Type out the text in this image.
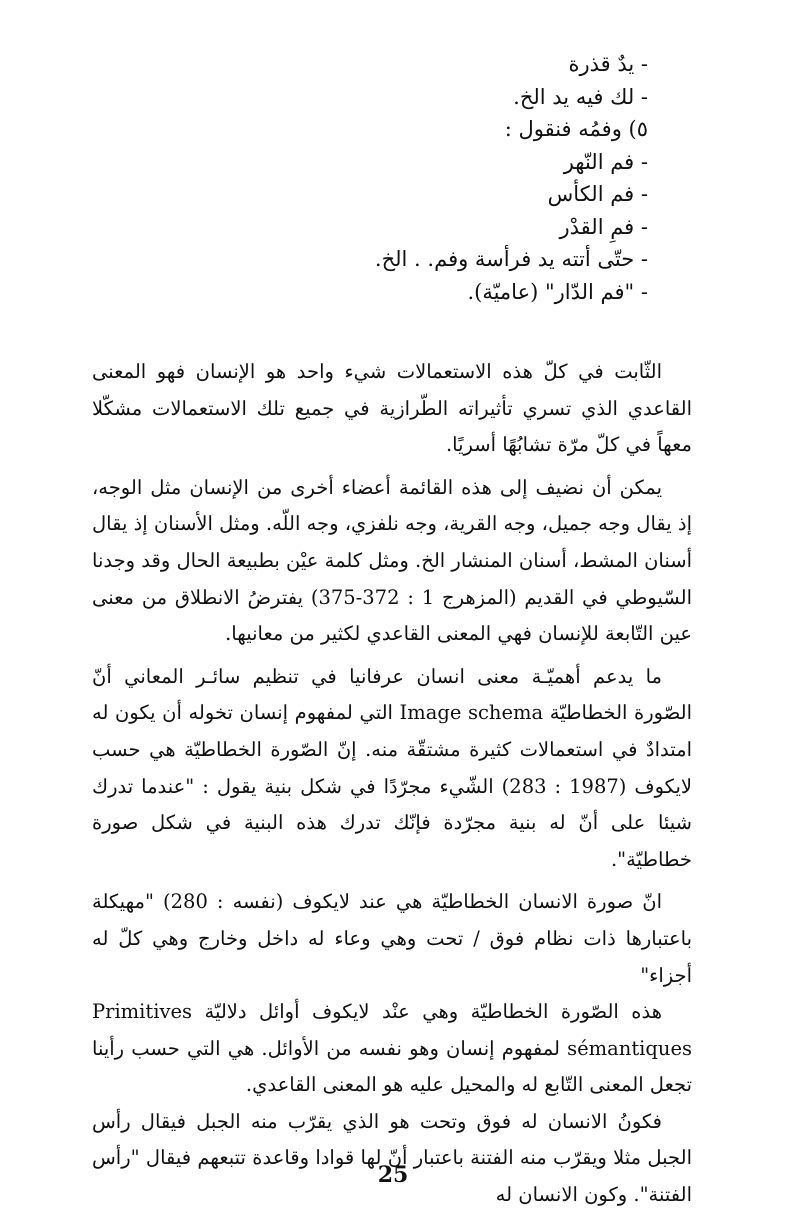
- يدٌ قذرة
- لك فيه يد الخ.
٥) وفمُه فنقول :
- فم النّهر
- فم الكأس
- فمِ القدْر
- حتّى أتته يد فرأسة وفم. . الخ.
- "فم الدّار" (عاميّة).

الثّابت في كلّ هذه الاستعمالات شيء واحد هو الإنسان فهو المعنى القاعدي الذي تسري تأثيراته الطّرازية في جميع تلك الاستعمالات مشكّلا معهاً في كلّ مرّة تشابُهًا أسريًا.

يمكن أن نضيف إلى هذه القائمة أعضاء أخرى من الإنسان مثل الوجه، إذ يقال وجه جميل، وجه القرية، وجه نلفزي، وجه اللّه. ومثل الأسنان إذ يقال أسنان المشط، أسنان المنشار الخ. ومثل كلمة عيْن بطبيعة الحال وقد وجدنا السّيوطي في القديم (المزهرج 1 : 372-375) يفترضُ الانطلاق من معنى عين التّابعة للإنسان فهي المعنى القاعدي لكثير من معانيها.

ما يدعم أهميّـة معنى انسان عرفانيا في تنظيم سائـر المعاني أنّ الصّورة الخطاطيّة Image schema التي لمفهوم إنسان تخوله أن يكون له امتدادٌ في استعمالات كثيرة مشتقّة منه. إنّ الصّورة الخطاطيّة هي حسب لايكوف (1987 : 283) الشّيء مجرّدًا في شكل بنية يقول : "عندما تدرك شيئا على أنّ له بنية مجرّدة فإنّك تدرك هذه البنية في شكل صورة خطاطيّة".

انّ صورة الانسان الخطاطيّة هي عند لايكوف (نفسه : 280) "مهيكلة باعتبارها ذات نظام فوق / تحت وهي وعاء له داخل وخارج وهي كلّ له أجزاء"

هذه الصّورة الخطاطيّة وهي عنْد لايكوف أوائل دلاليّة Primitives sémantiques لمفهوم إنسان وهو نفسه من الأوائل. هي التي حسب رأينا تجعل المعنى التّابع له والمحيل عليه هو المعنى القاعدي.

فكونُ الانسان له فوق وتحت هو الذي يقرّب منه الجبل فيقال رأس الجبل مثلا ويقرّب منه الفتنة باعتبار أنّ لها قوادا وقاعدة تتبعهم فيقال "رأس الفتنة". وكون الانسان له

25
